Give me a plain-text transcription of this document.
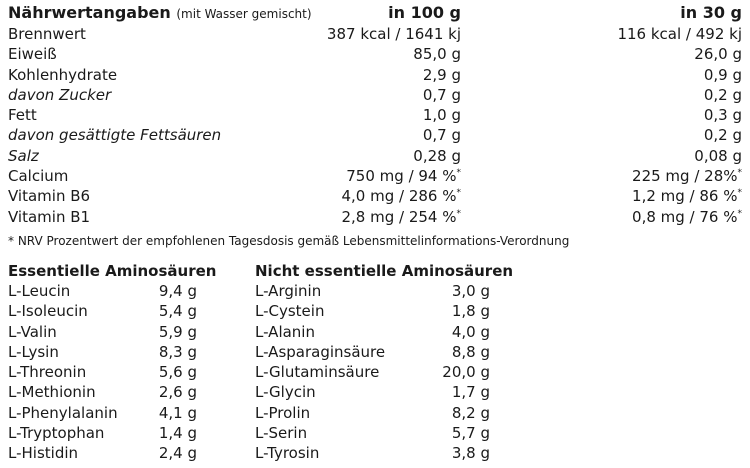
Nährwertangaben (mit Wasser gemischt)	in 100 g	in 30 g
Brennwert	387 kcal / 1641 kj	116 kcal / 492 kj
Eiweiß	85,0 g	26,0 g
Kohlenhydrate	2,9 g	0,9 g
davon Zucker	0,7 g	0,2 g
Fett	1,0 g	0,3 g
davon gesättigte Fettsäuren	0,7 g	0,2 g
Salz	0,28 g	0,08 g
Calcium	750 mg / 94 %*	225 mg / 28%*
Vitamin B6	4,0 mg / 286 %*	1,2 mg / 86 %*
Vitamin B1	2,8 mg / 254 %*	0,8 mg / 76 %*
* NRV Prozentwert der empfohlenen Tagesdosis gemäß Lebensmittelinformations-Verordnung
Essentielle Aminosäuren
L-Leucin	9,4 g
L-Isoleucin	5,4 g
L-Valin	5,9 g
L-Lysin	8,3 g
L-Threonin	5,6 g
L-Methionin	2,6 g
L-Phenylalanin	4,1 g
L-Tryptophan	1,4 g
L-Histidin	2,4 g
Nicht essentielle Aminosäuren
L-Arginin	3,0 g
L-Cystein	1,8 g
L-Alanin	4,0 g
L-Asparaginsäure	8,8 g
L-Glutaminsäure	20,0 g
L-Glycin	1,7 g
L-Prolin	8,2 g
L-Serin	5,7 g
L-Tyrosin	3,8 g
